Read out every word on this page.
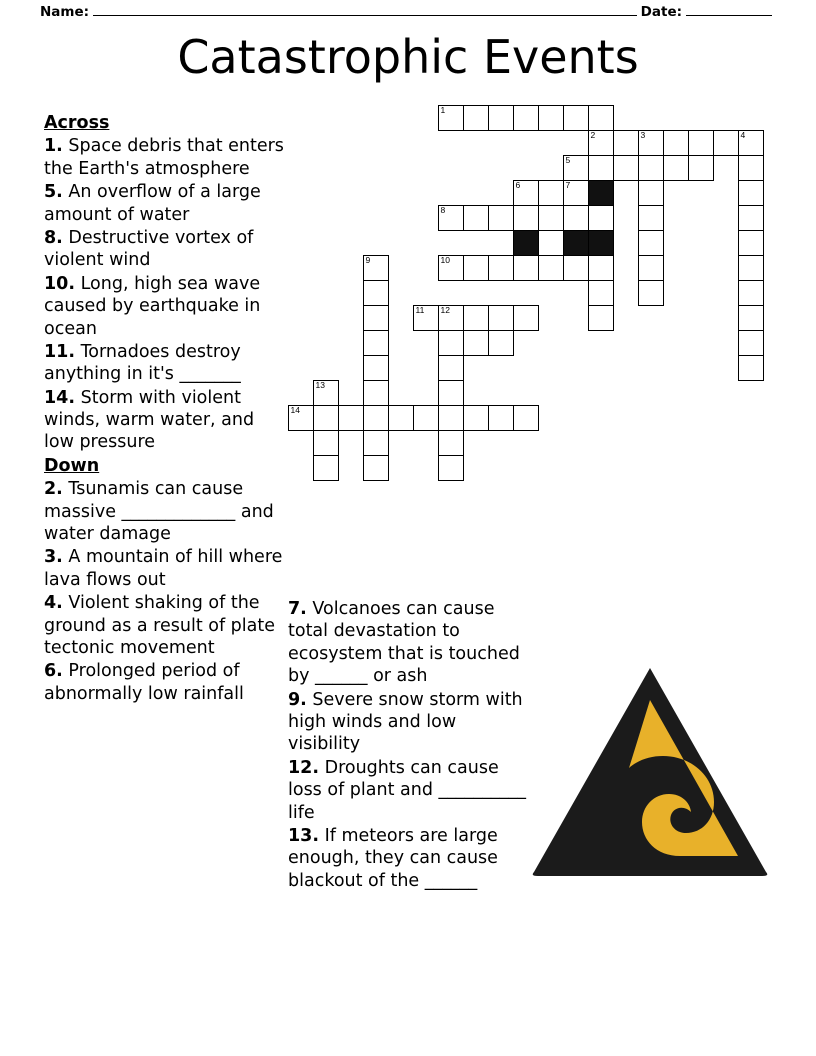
Name:	Date:
Catastrophic Events
Across
1. Space debris that enters the Earth's atmosphere
5. An overflow of a large amount of water
8. Destructive vortex of violent wind
10. Long, high sea wave caused by earthquake in ocean
11. Tornadoes destroy anything in it's _______
14. Storm with violent winds, warm water, and low pressure
Down
2. Tsunamis can cause massive _____________ and water damage
3. A mountain of hill where lava flows out
4. Violent shaking of the ground as a result of plate tectonic movement
6. Prolonged period of abnormally low rainfall
7. Volcanoes can cause total devastation to ecosystem that is touched by ______ or ash
9. Severe snow storm with high winds and low visibility
12. Droughts can cause loss of plant and __________ life
13. If meteors are large enough, they can cause blackout of the ______
1
2	3	4
5
6	7
8
9	10
11 12
13
14
